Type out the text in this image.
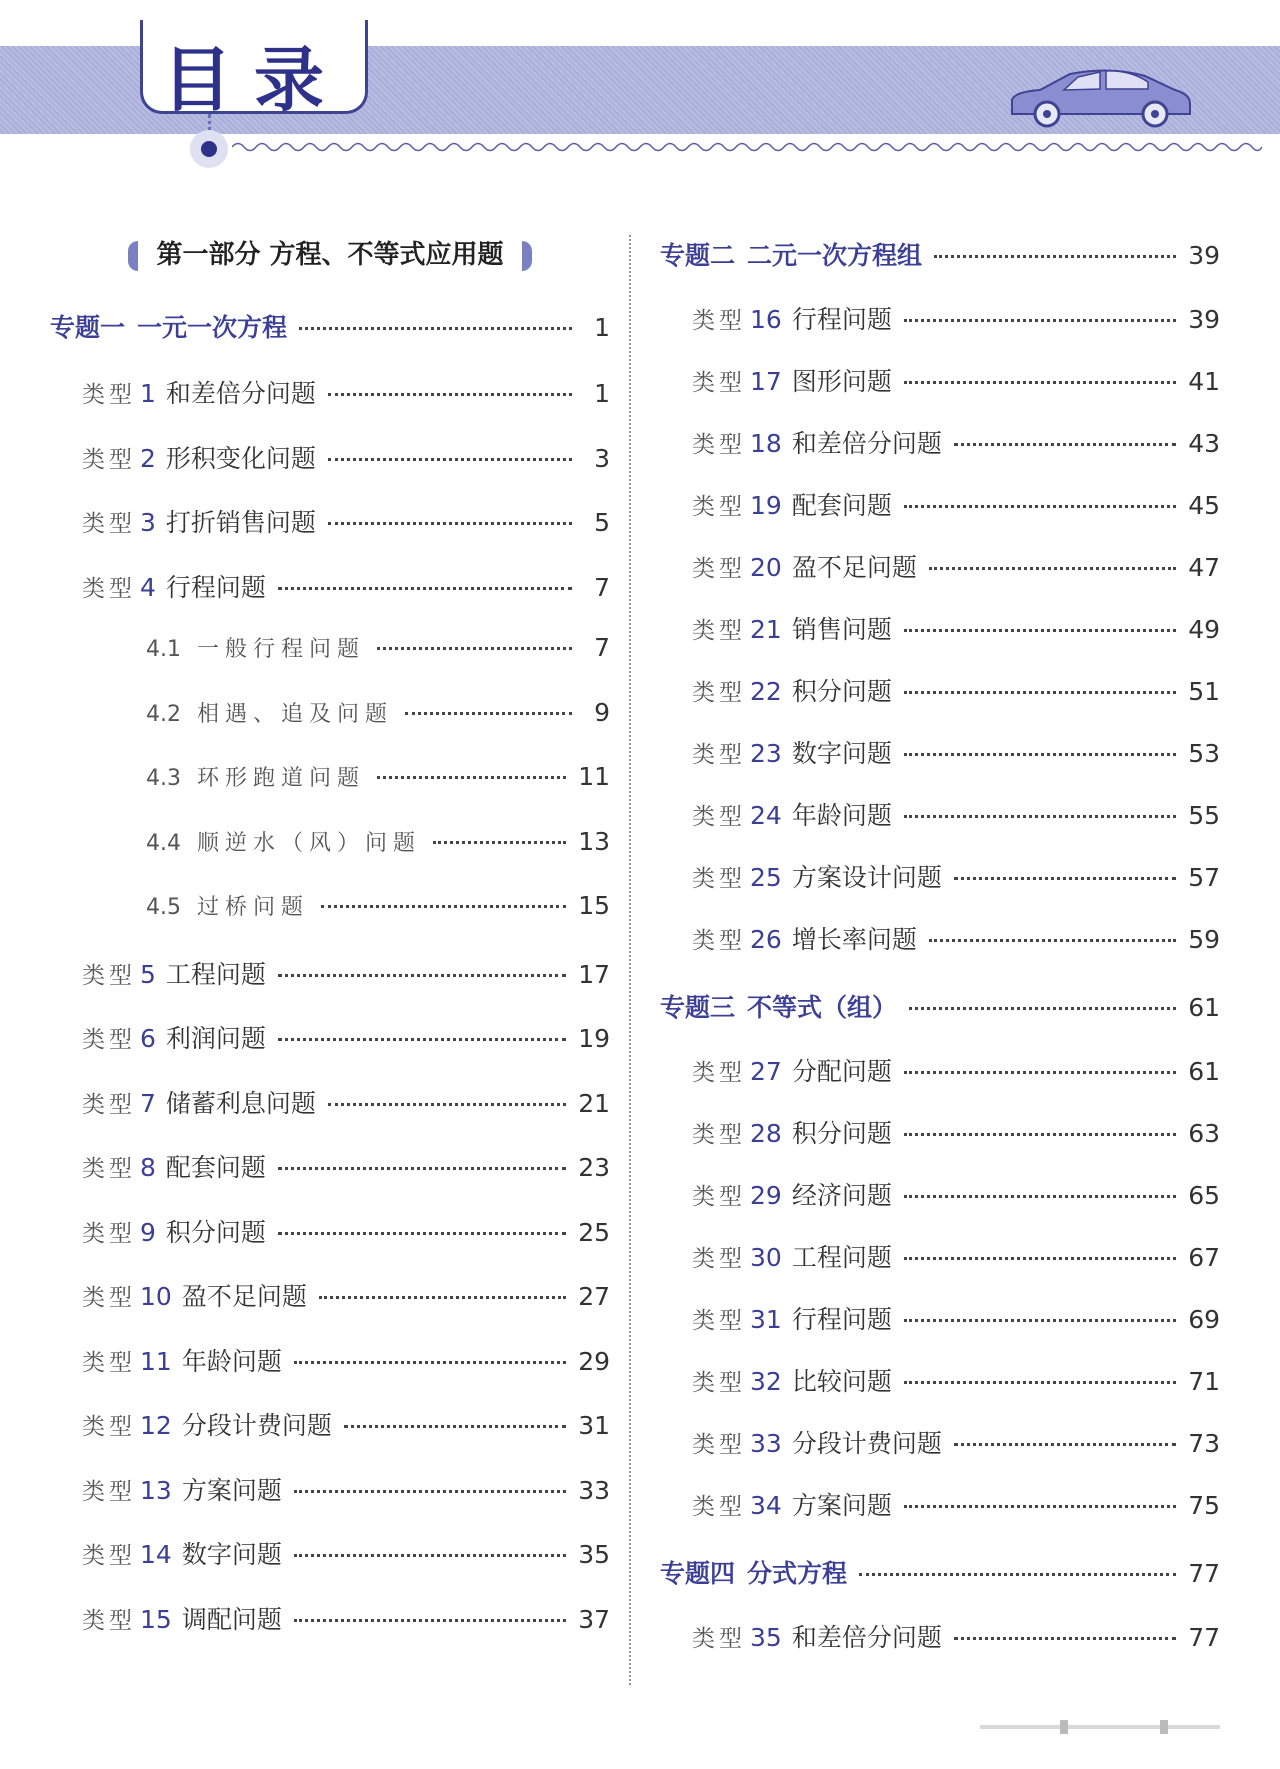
目录
第一部分 方程、不等式应用题
专题一 一元一次方程	1
类型 1 和差倍分问题	1
类型 2 形积变化问题	3
类型 3 打折销售问题	5
类型 4 行程问题	7
4.1 一般行程问题	7
4.2 相遇、追及问题	9
4.3 环形跑道问题	11
4.4 顺逆水（风）问题	13
4.5 过桥问题	15
类型 5 工程问题	17
类型 6 利润问题	19
类型 7 储蓄利息问题	21
类型 8 配套问题	23
类型 9 积分问题	25
类型 10 盈不足问题	27
类型 11 年龄问题	29
类型 12 分段计费问题	31
类型 13 方案问题	33
类型 14 数字问题	35
类型 15 调配问题	37
专题二 二元一次方程组	39
类型 16 行程问题	39
类型 17 图形问题	41
类型 18 和差倍分问题	43
类型 19 配套问题	45
类型 20 盈不足问题	47
类型 21 销售问题	49
类型 22 积分问题	51
类型 23 数字问题	53
类型 24 年龄问题	55
类型 25 方案设计问题	57
类型 26 增长率问题	59
专题三 不等式（组）	61
类型 27 分配问题	61
类型 28 积分问题	63
类型 29 经济问题	65
类型 30 工程问题	67
类型 31 行程问题	69
类型 32 比较问题	71
类型 33 分段计费问题	73
类型 34 方案问题	75
专题四 分式方程	77
类型 35 和差倍分问题	77
